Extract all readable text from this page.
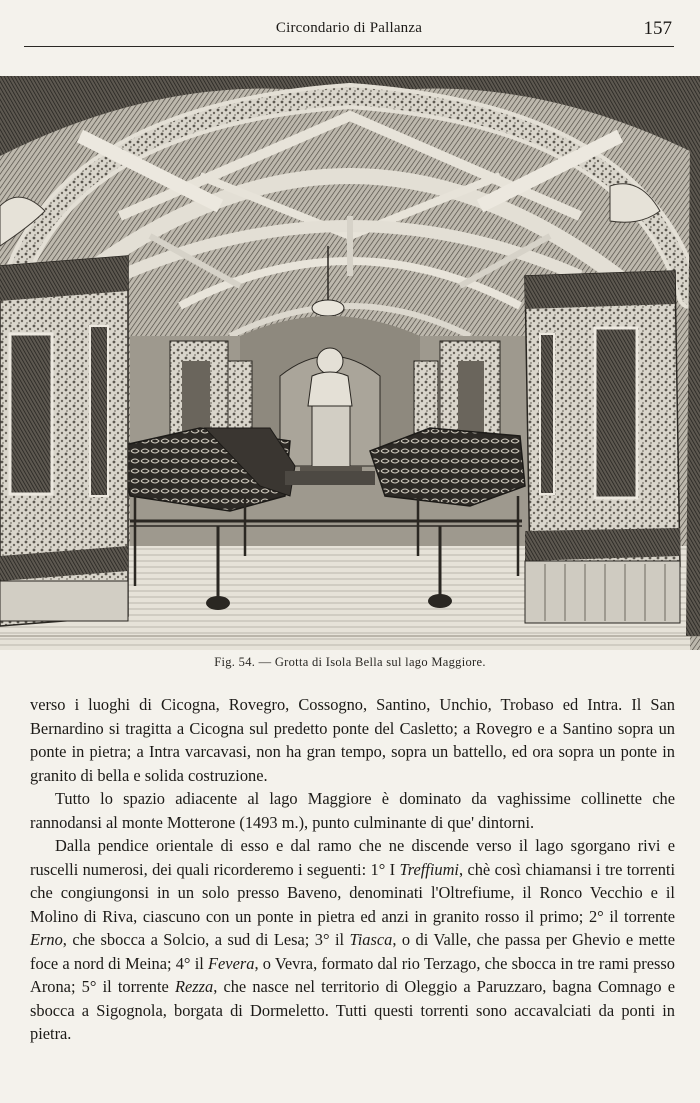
Circondario di Pallanza	157
Fig. 54. — Grotta di Isola Bella sul lago Maggiore.

verso i luoghi di Cicogna, Rovegro, Cossogno, Santino, Unchio, Trobaso ed Intra. Il San Bernardino si tragitta a Cicogna sul predetto ponte del Casletto; a Rovegro e a Santino sopra un ponte in pietra; a Intra varcavasi, non ha gran tempo, sopra un battello, ed ora sopra un ponte in granito di bella e solida costruzione.

Tutto lo spazio adiacente al lago Maggiore è dominato da vaghissime collinette che rannodansi al monte Motterone (1493 m.), punto culminante di que' dintorni.

Dalla pendice orientale di esso e dal ramo che ne discende verso il lago sgorgano rivi e ruscelli numerosi, dei quali ricorderemo i seguenti: 1° I Treffiumi, chè così chiamansi i tre torrenti che congiungonsi in un solo presso Baveno, denominati l'Oltrefiume, il Ronco Vecchio e il Molino di Riva, ciascuno con un ponte in pietra ed anzi in granito rosso il primo; 2° il torrente Erno, che sbocca a Solcio, a sud di Lesa; 3° il Tiasca, o di Valle, che passa per Ghevio e mette foce a nord di Meina; 4° il Fevera, o Vevra, formato dal rio Terzago, che sbocca in tre rami presso Arona; 5° il torrente Rezza, che nasce nel territorio di Oleggio a Paruzzaro, bagna Comnago e sbocca a Sigognola, borgata di Dormeletto. Tutti questi torrenti sono accavalciati da ponti in pietra.
